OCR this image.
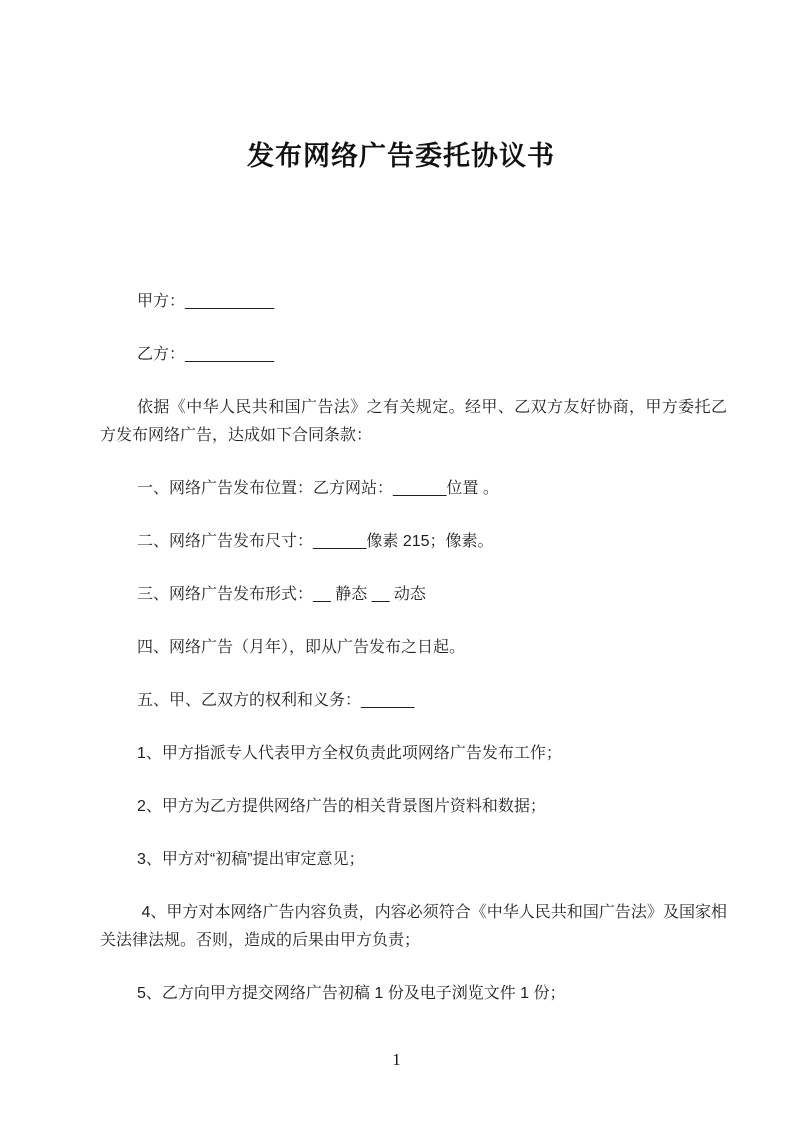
发布网络广告委托协议书

甲方：__________

乙方：__________

依据《中华人民共和国广告法》之有关规定。经甲、乙双方友好协商，甲方委托乙方发布网络广告，达成如下合同条款：

一、网络广告发布位置：乙方网站：______位置 。

二、网络广告发布尺寸：______像素 215；像素。

三、网络广告发布形式：__ 静态 __ 动态

四、网络广告（月年），即从广告发布之日起。

五、甲、乙双方的权利和义务：______

1、甲方指派专人代表甲方全权负责此项网络广告发布工作；

2、甲方为乙方提供网络广告的相关背景图片资料和数据；

3、甲方对“初稿”提出审定意见；

4、甲方对本网络广告内容负责，内容必须符合《中华人民共和国广告法》及国家相关法律法规。否则，造成的后果由甲方负责；

5、乙方向甲方提交网络广告初稿 1 份及电子浏览文件 1 份；

1
